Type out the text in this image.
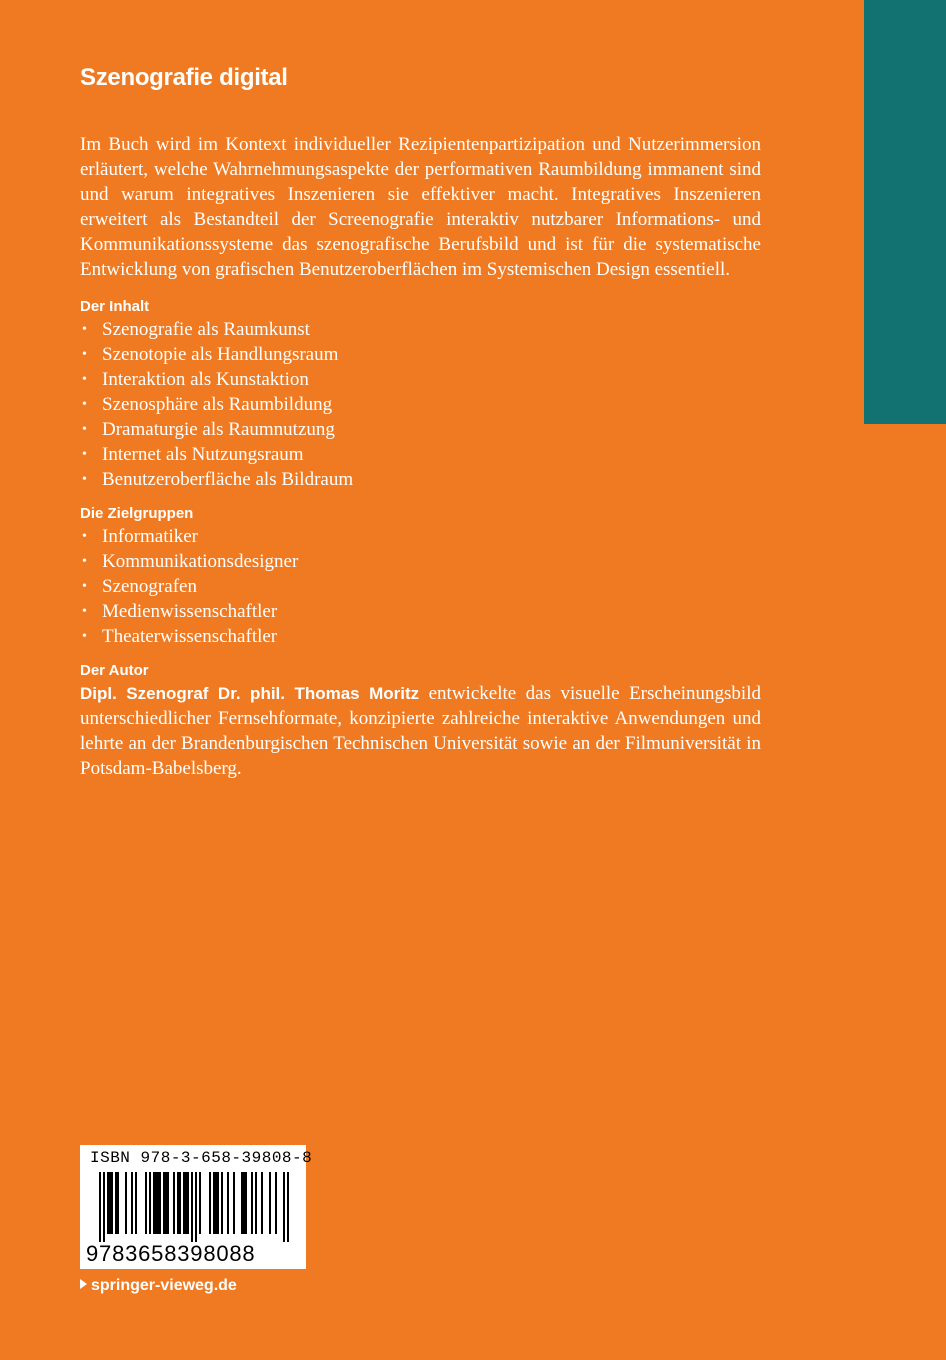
Szenografie digital

Im Buch wird im Kontext individueller Rezipientenpartizipation und Nutzerimmersion erläutert, welche Wahrnehmungsaspekte der performativen Raumbildung immanent sind und warum integratives Inszenieren sie effektiver macht. Integratives Inszenieren erweitert als Bestandteil der Screenografie interaktiv nutzbarer Informations- und Kommunikationssysteme das szenografische Berufsbild und ist für die systematische Entwicklung von grafischen Benutzeroberflächen im Systemischen Design essentiell.

Der Inhalt
• Szenografie als Raumkunst
• Szenotopie als Handlungsraum
• Interaktion als Kunstaktion
• Szenosphäre als Raumbildung
• Dramaturgie als Raumnutzung
• Internet als Nutzungsraum
• Benutzeroberfläche als Bildraum
Die Zielgruppen
• Informatiker
• Kommunikationsdesigner
• Szenografen
• Medienwissenschaftler
• Theaterwissenschaftler
Der Autor

Dipl. Szenograf Dr. phil. Thomas Moritz entwickelte das visuelle Erscheinungsbild unterschiedlicher Fernsehformate, konzipierte zahlreiche interaktive Anwendungen und lehrte an der Brandenburgischen Technischen Universität sowie an der Filmuniversität in Potsdam-Babelsberg.

ISBN 978-3-658-39808-8
9783658398088
springer-vieweg.de
